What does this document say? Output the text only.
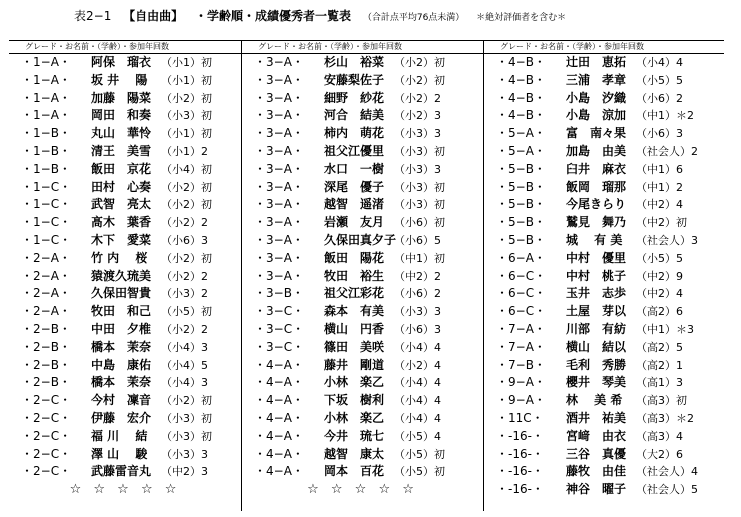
表2−1 【自由曲】 ・学齢順・成績優秀者一覧表 （合計点平均76点未満） ＊絶対評価者を含む＊
グレード・お名前・（学齢）・参加年回数
・1−A・ 阿保　瑠衣 （小1）初
・1−A・ 坂 井　 陽 （小1）初
・1−A・ 加藤　陽菜 （小2）初
・1−A・ 岡田　和奏 （小3）初
・1−B・ 丸山　華怜 （小1）初
・1−B・ 清王　美雪 （小1）2
・1−B・ 飯田　京花 （小4）初
・1−C・ 田村　心奏 （小2）初
・1−C・ 武智　亮太 （小2）初
・1−C・ 髙木　葉香 （小2）2
・1−C・ 木下　愛菜 （小6）3
・2−A・ 竹 内　 桜 （小2）初
・2−A・ 猿渡久琉美 （小2）2
・2−A・ 久保田智貴 （小3）2
・2−A・ 牧田　和己 （小5）初
・2−B・ 中田　夕椎 （小2）2
・2−B・ 橋本　茉奈 （小4）3
・2−B・ 中島　康佑 （小4）5
・2−B・ 橋本　茉奈 （小4）3
・2−C・ 今村　凜音 （小2）初
・2−C・ 伊藤　宏介 （小3）初
・2−C・ 福 川　 結 （小3）初
・2−C・ 澤 山　 駿 （小3）3
・2−C・ 武藤雷音丸 （中2）3
☆ ☆ ☆ ☆ ☆
グレード・お名前・（学齢）・参加年回数
・3−A・ 杉山　裕菜 （小2）初
・3−A・ 安藤梨佐子 （小2）初
・3−A・ 細野　紗花 （小2）2
・3−A・ 河合　結美 （小2）3
・3−A・ 柿内　萌花 （小3）3
・3−A・ 祖父江優里 （小3）初
・3−A・ 水口　一樹 （小3）3
・3−A・ 深尾　優子 （小3）初
・3−A・ 越智　遥渚 （小3）初
・3−A・ 岩瀬　友月 （小6）初
・3−A・ 久保田真夕子（小6）5
・3−A・ 飯田　陽花 （中1）初
・3−A・ 牧田　裕生 （中2）2
・3−B・ 祖父江彩花 （小6）2
・3−C・ 森本　有美 （小3）3
・3−C・ 横山　円香 （小6）3
・3−C・ 篠田　美咲 （小4）4
・4−A・ 藤井　剛道 （小2）4
・4−A・ 小林　楽乙 （小4）4
・4−A・ 下坂　樹利 （小4）4
・4−A・ 小林　楽乙 （小4）4
・4−A・ 今井　琉七 （小5）4
・4−A・ 越智　康太 （小5）初
・4−A・ 岡本　百花 （小5）初
☆ ☆ ☆ ☆ ☆
グレード・お名前・（学齢）・参加年回数
・4−B・ 辻田　恵拓 （小4）4
・4−B・ 三浦　孝章 （小5）5
・4−B・ 小島　汐織 （小6）2
・4−B・ 小島　涼加 （中1）＊2
・5−A・ 富　南々果 （小6）3
・5−A・ 加島　由美 （社会人）2
・5−B・ 臼井　麻衣 （中1）6
・5−B・ 飯岡　瑠那 （中1）2
・5−B・ 今尾きらり （中2）4
・5−B・ 鷲見　舞乃 （中2）初
・5−B・ 城　 有 美 （社会人）3
・6−A・ 中村　優里 （小5）5
・6−C・ 中村　桃子 （中2）9
・6−C・ 玉井　志歩 （中2）4
・6−C・ 土屋　芽以 （高2）6
・7−A・ 川部　有紡 （中1）＊3
・7−A・ 横山　結以 （高2）5
・7−B・ 毛利　秀勝 （高2）1
・9−A・ 櫻井　琴美 （高1）3
・9−A・ 林 　美 希 （高3）初
・11C・ 酒井　祐美 （高3）＊2
・-16-・ 宮﨑　由衣 （高3）4
・-16-・ 三谷　真優 （大2）6
・-16-・ 藤牧　由佳 （社会人）4
・-16-・ 神谷　曜子 （社会人）5
